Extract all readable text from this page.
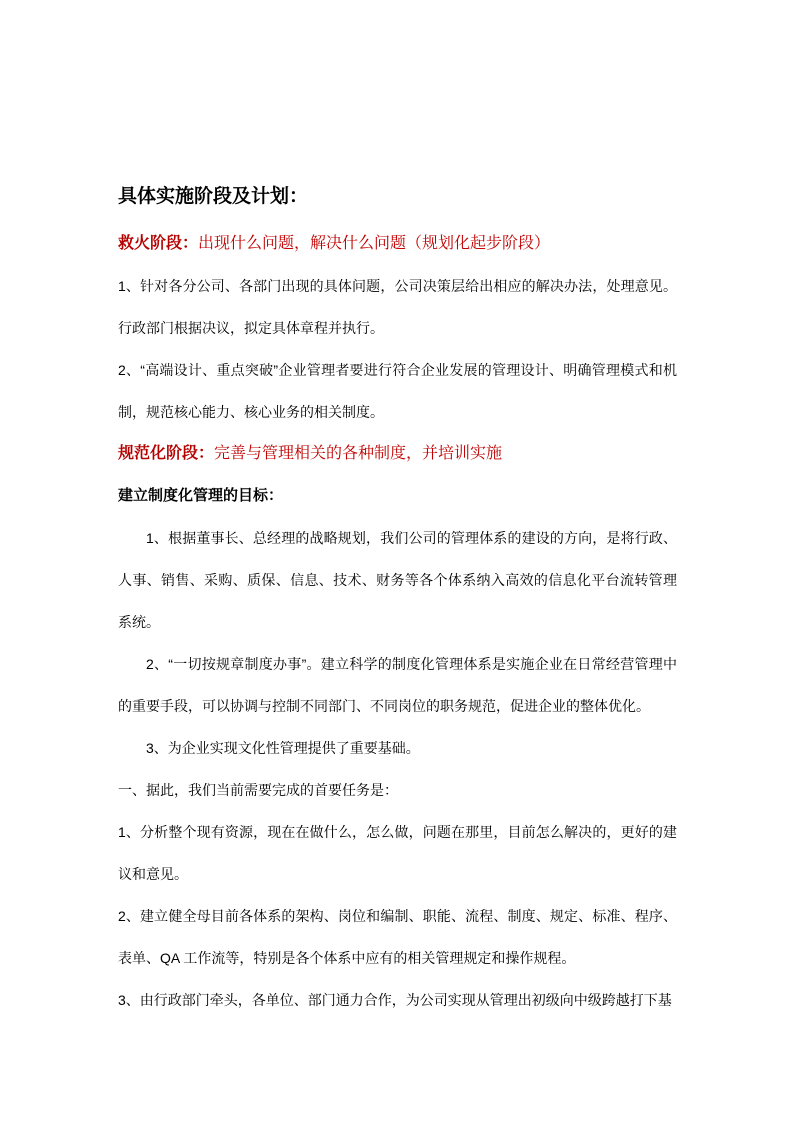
具体实施阶段及计划：

救火阶段：出现什么问题，解决什么问题（规划化起步阶段）

1、针对各分公司、各部门出现的具体问题，公司决策层给出相应的解决办法，处理意见。行政部门根据决议，拟定具体章程并执行。

2、“高端设计、重点突破”企业管理者要进行符合企业发展的管理设计、明确管理模式和机制，规范核心能力、核心业务的相关制度。

规范化阶段：完善与管理相关的各种制度，并培训实施

建立制度化管理的目标：

1、根据董事长、总经理的战略规划，我们公司的管理体系的建设的方向，是将行政、人事、销售、采购、质保、信息、技术、财务等各个体系纳入高效的信息化平台流转管理系统。

2、“一切按规章制度办事”。建立科学的制度化管理体系是实施企业在日常经营管理中的重要手段，可以协调与控制不同部门、不同岗位的职务规范，促进企业的整体优化。

3、为企业实现文化性管理提供了重要基础。

一、据此，我们当前需要完成的首要任务是：

1、分析整个现有资源，现在在做什么，怎么做，问题在那里，目前怎么解决的，更好的建议和意见。

2、建立健全母目前各体系的架构、岗位和编制、职能、流程、制度、规定、标准、程序、表单、QA 工作流等，特别是各个体系中应有的相关管理规定和操作规程。

3、由行政部门牵头，各单位、部门通力合作，为公司实现从管理出初级向中级跨越打下基
